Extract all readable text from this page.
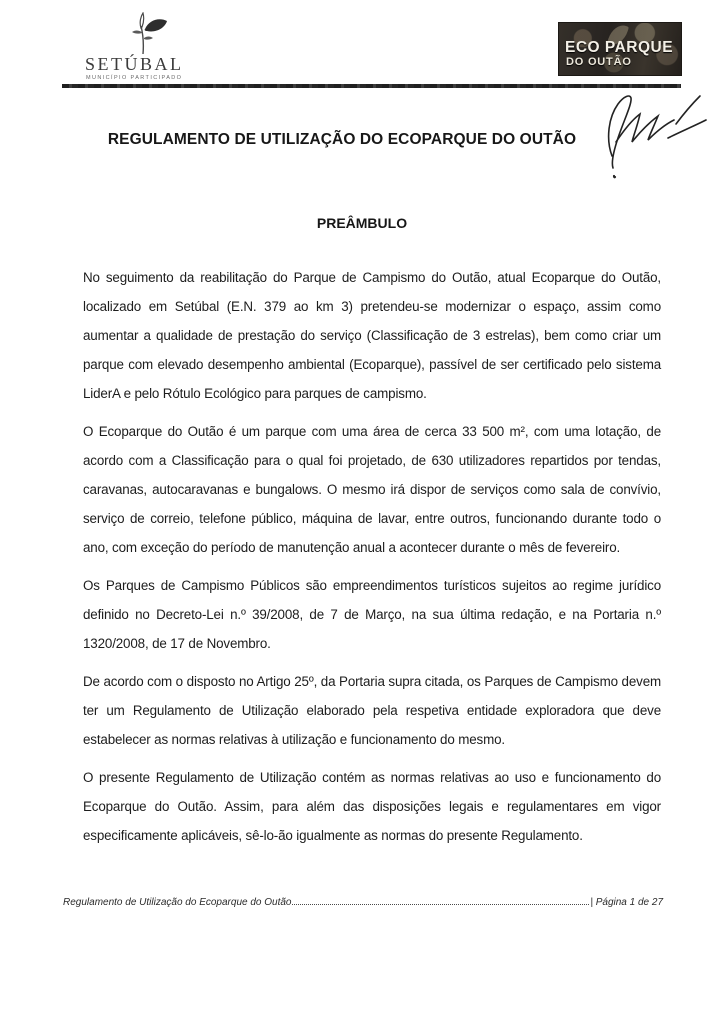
SETÚBAL
MUNICÍPIO PARTICIPADO
ECO PARQUE
DO OUTÃO
REGULAMENTO DE UTILIZAÇÃO DO ECOPARQUE DO OUTÃO
PREÂMBULO

No seguimento da reabilitação do Parque de Campismo do Outão, atual Ecoparque do Outão, localizado em Setúbal (E.N. 379 ao km 3) pretendeu-se modernizar o espaço, assim como aumentar a qualidade de prestação do serviço (Classificação de 3 estrelas), bem como criar um parque com elevado desempenho ambiental (Ecoparque), passível de ser certificado pelo sistema LiderA e pelo Rótulo Ecológico para parques de campismo.

O Ecoparque do Outão é um parque com uma área de cerca 33 500 m², com uma lotação, de acordo com a Classificação para o qual foi projetado, de 630 utilizadores repartidos por tendas, caravanas, autocaravanas e bungalows. O mesmo irá dispor de serviços como sala de convívio, serviço de correio, telefone público, máquina de lavar, entre outros, funcionando durante todo o ano, com exceção do período de manutenção anual a acontecer durante o mês de fevereiro.

Os Parques de Campismo Públicos são empreendimentos turísticos sujeitos ao regime jurídico definido no Decreto-Lei n.º 39/2008, de 7 de Março, na sua última redação, e na Portaria n.º 1320/2008, de 17 de Novembro.

De acordo com o disposto no Artigo 25º, da Portaria supra citada, os Parques de Campismo devem ter um Regulamento de Utilização elaborado pela respetiva entidade exploradora que deve estabelecer as normas relativas à utilização e funcionamento do mesmo.

O presente Regulamento de Utilização contém as normas relativas ao uso e funcionamento do Ecoparque do Outão. Assim, para além das disposições legais e regulamentares em vigor especificamente aplicáveis, sê-lo-ão igualmente as normas do presente Regulamento.

Regulamento de Utilização do Ecoparque do Outão	| Página 1 de 27
